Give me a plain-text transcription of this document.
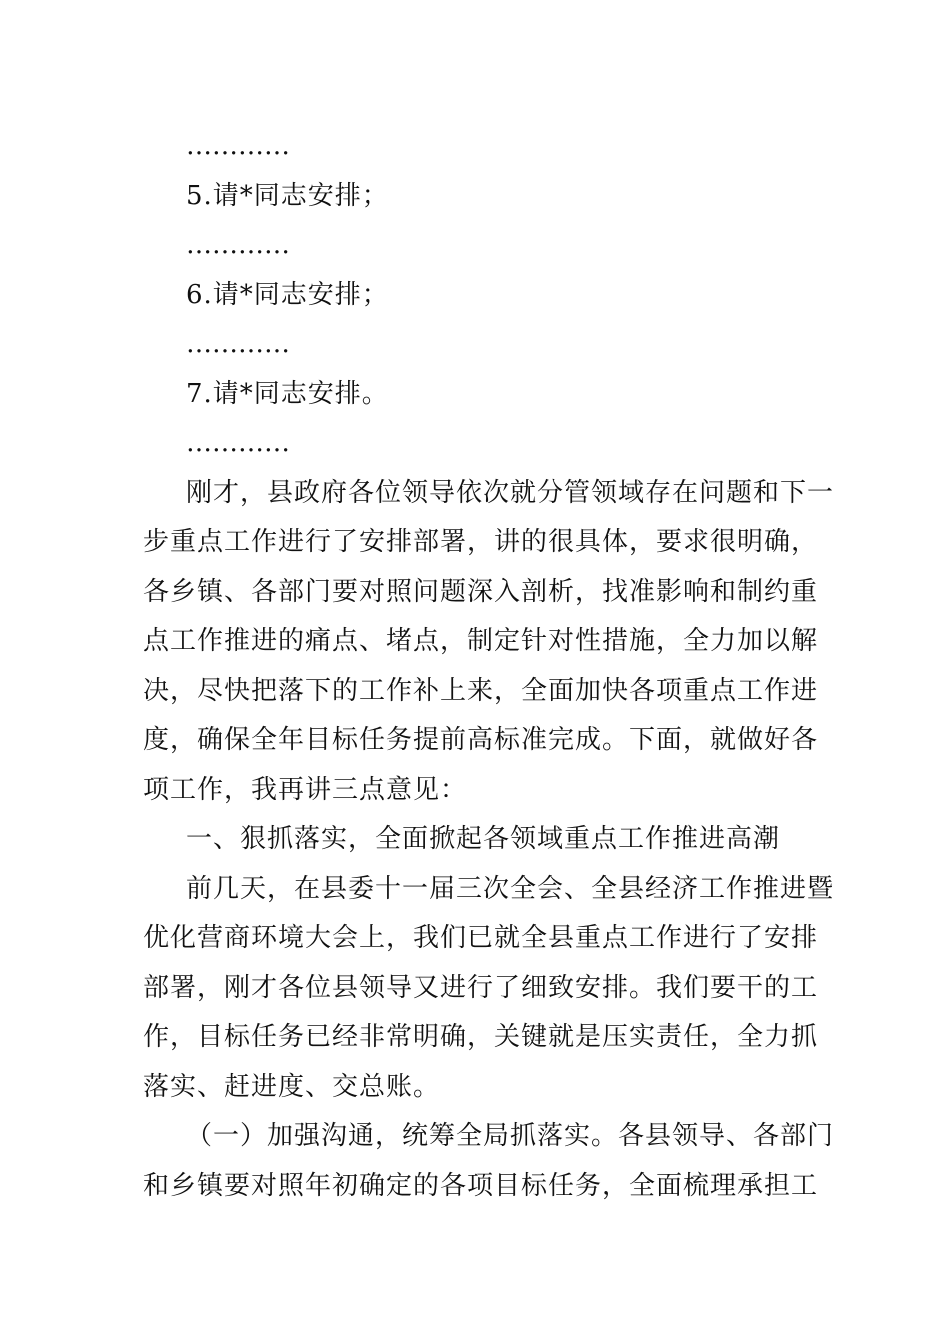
…………
5.请*同志安排；
…………
6.请*同志安排；
…………
7.请*同志安排。
…………
刚才，县政府各位领导依次就分管领域存在问题和下一
步重点工作进行了安排部署，讲的很具体，要求很明确，
各乡镇、各部门要对照问题深入剖析，找准影响和制约重
点工作推进的痛点、堵点，制定针对性措施，全力加以解
决，尽快把落下的工作补上来，全面加快各项重点工作进
度，确保全年目标任务提前高标准完成。下面，就做好各
项工作，我再讲三点意见：
一、狠抓落实，全面掀起各领域重点工作推进高潮
前几天，在县委十一届三次全会、全县经济工作推进暨
优化营商环境大会上，我们已就全县重点工作进行了安排
部署，刚才各位县领导又进行了细致安排。我们要干的工
作，目标任务已经非常明确，关键就是压实责任，全力抓
落实、赶进度、交总账。
（一）加强沟通，统筹全局抓落实。各县领导、各部门
和乡镇要对照年初确定的各项目标任务，全面梳理承担工
